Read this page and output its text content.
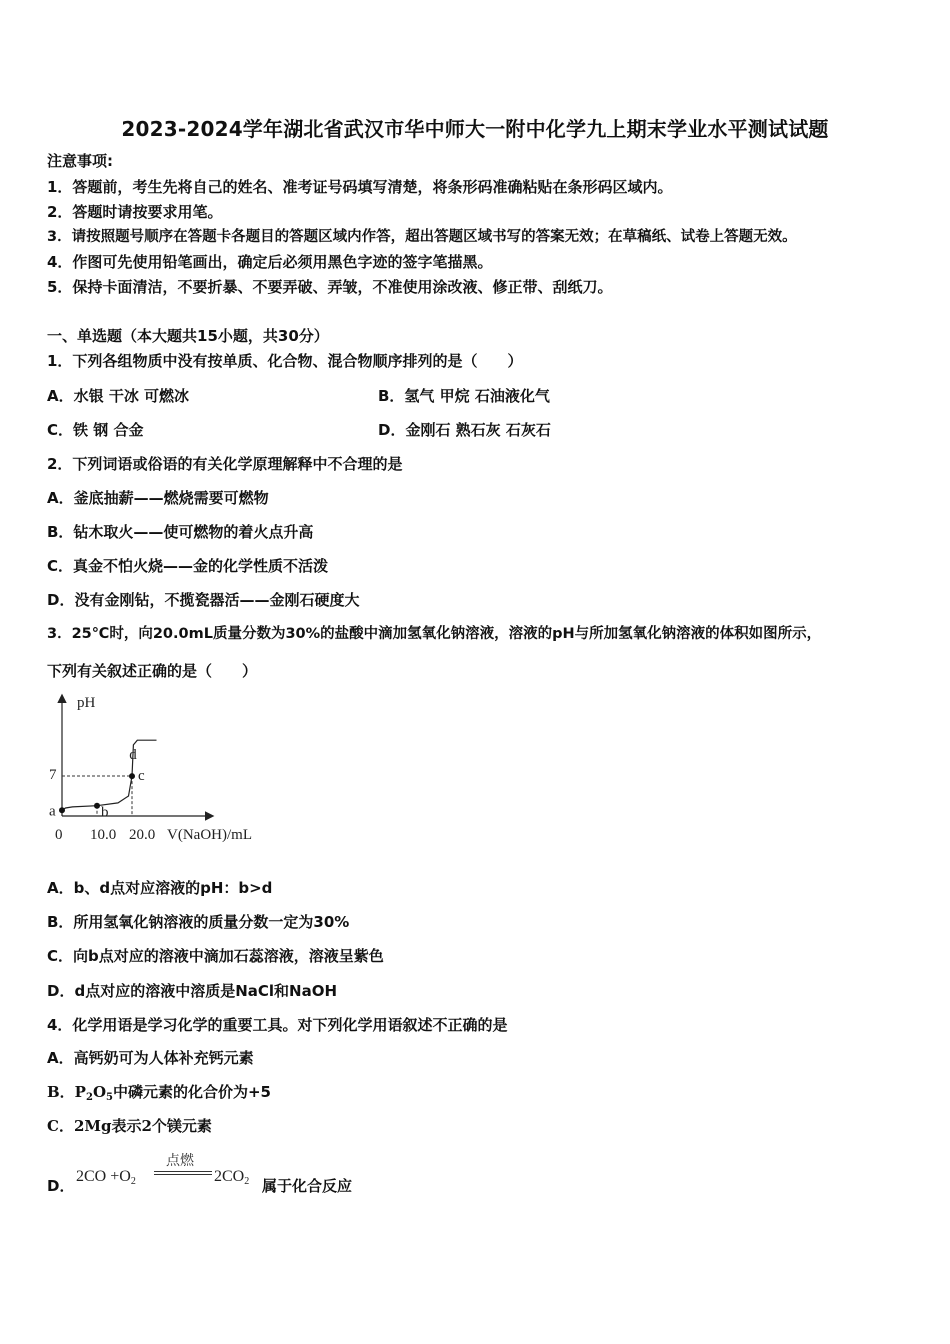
2023-2024学年湖北省武汉市华中师大一附中化学九上期末学业水平测试试题
注意事项:
1．答题前，考生先将自己的姓名、准考证号码填写清楚，将条形码准确粘贴在条形码区域内。
2．答题时请按要求用笔。
3．请按照题号顺序在答题卡各题目的答题区域内作答，超出答题区域书写的答案无效；在草稿纸、试卷上答题无效。
4．作图可先使用铅笔画出，确定后必须用黑色字迹的签字笔描黑。
5．保持卡面清洁，不要折暴、不要弄破、弄皱，不准使用涂改液、修正带、刮纸刀。
一、单选题（本大题共15小题，共30分）
1．下列各组物质中没有按单质、化合物、混合物顺序排列的是（　　）
A．水银 干冰 可燃冰	B．氢气 甲烷 石油液化气
C．铁 钢 合金	D．金刚石 熟石灰 石灰石
2．下列词语或俗语的有关化学原理解释中不合理的是
A．釜底抽薪——燃烧需要可燃物
B．钻木取火——使可燃物的着火点升高
C．真金不怕火烧——金的化学性质不活泼
D．没有金刚钻，不揽瓷器活——金刚石硬度大
3．25℃时，向20.0mL质量分数为30%的盐酸中滴加氢氧化钠溶液，溶液的pH与所加氢氧化钠溶液的体积如图所示，
下列有关叙述正确的是（　　）
pH
V(NaOH)/mL
0 10.0 20.0
7
a	b
c
d
A．b、d点对应溶液的pH：b>d
B．所用氢氧化钠溶液的质量分数一定为30%
C．向b点对应的溶液中滴加石蕊溶液，溶液呈紫色
D．d点对应的溶液中溶质是NaCl和NaOH
4．化学用语是学习化学的重要工具。对下列化学用语叙述不正确的是
A．高钙奶可为人体补充钙元素
B．$P_2O_5$中磷元素的化合价为+5
C．2Mg表示2个镁元素
D．
$2CO +O_2$
点燃
$2CO_2$ 属于化合反应
